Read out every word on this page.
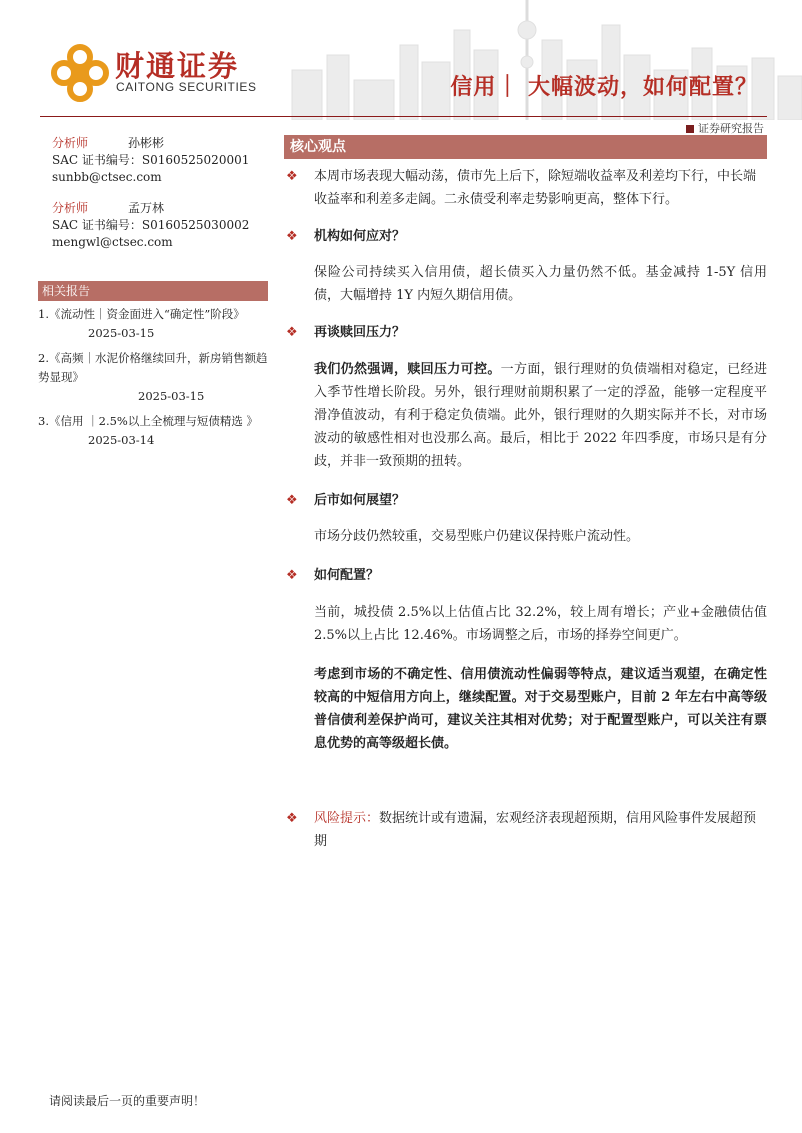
财通证券
CAITONG SECURITIES	信用｜ 大幅波动，如何配置？
证券研究报告
分析师	孙彬彬
SAC 证书编号：S0160525020001
sunbb@ctsec.com
分析师	孟万林
SAC 证书编号：S0160525030002
mengwl@ctsec.com
相关报告
1.《流动性｜资金面进入“确定性”阶段》
2025-03-15
2.《高频｜水泥价格继续回升，新房销售额趋势显现》
2025-03-15
3.《信用 ｜2.5%以上全梳理与短债精选 》
2025-03-14
核心观点
❖ 本周市场表现大幅动荡，债市先上后下，除短端收益率及利差均下行，中长端收益率和利差多走阔。二永债受利率走势影响更高，整体下行。
❖ 机构如何应对？
保险公司持续买入信用债，超长债买入力量仍然不低。基金减持 1-5Y 信用债，大幅增持 1Y 内短久期信用债。
❖ 再谈赎回压力？
我们仍然强调，赎回压力可控。一方面，银行理财的负债端相对稳定，已经进入季节性增长阶段。另外，银行理财前期积累了一定的浮盈，能够一定程度平滑净值波动，有利于稳定负债端。此外，银行理财的久期实际并不长，对市场波动的敏感性相对也没那么高。最后，相比于 2022 年四季度，市场只是有分歧，并非一致预期的扭转。
❖ 后市如何展望？
市场分歧仍然较重，交易型账户仍建议保持账户流动性。
❖ 如何配置？
当前，城投债 2.5%以上估值占比 32.2%，较上周有增长；产业+金融债估值 2.5%以上占比 12.46%。市场调整之后，市场的择券空间更广。
考虑到市场的不确定性、信用债流动性偏弱等特点，建议适当观望，在确定性较高的中短信用方向上，继续配置。对于交易型账户，目前 2 年左右中高等级普信债利差保护尚可，建议关注其相对优势；对于配置型账户，可以关注有票息优势的高等级超长债。
❖ 风险提示：数据统计或有遗漏，宏观经济表现超预期，信用风险事件发展超预期
请阅读最后一页的重要声明！
